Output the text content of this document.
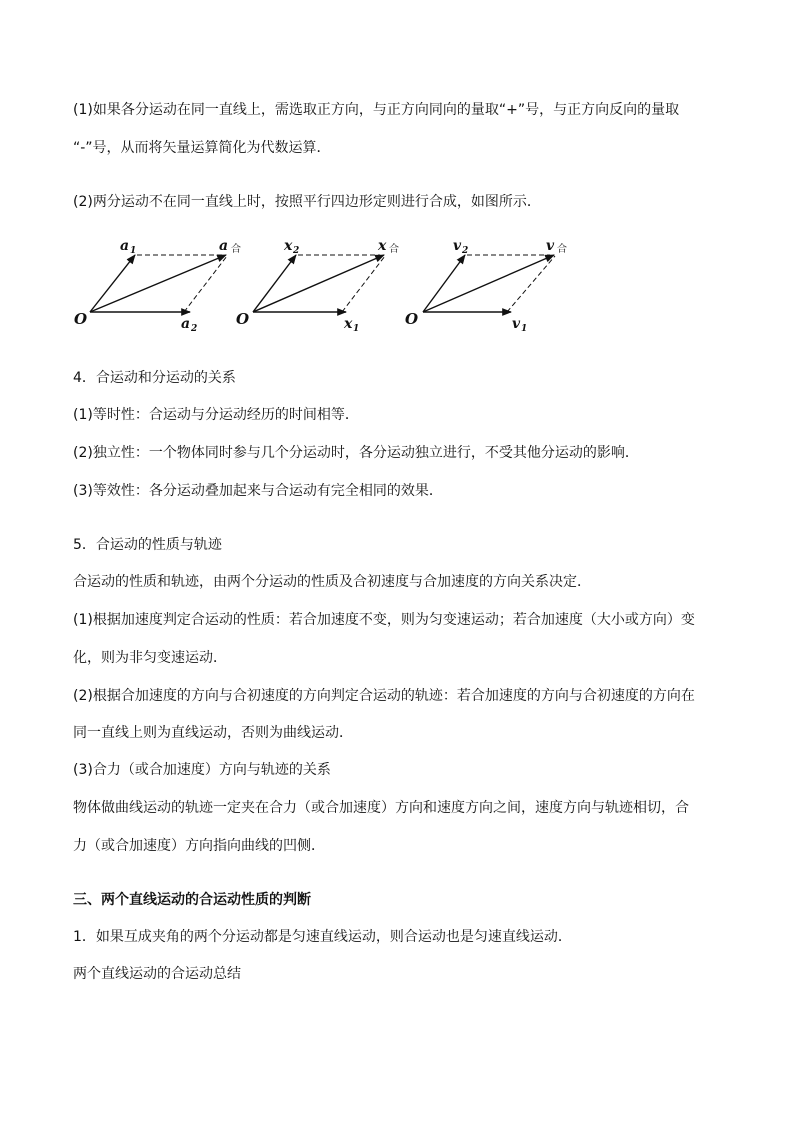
(1)如果各分运动在同一直线上，需选取正方向，与正方向同向的量取“+”号，与正方向反向的量取
“-”号，从而将矢量运算简化为代数运算．
(2)两分运动不在同一直线上时，按照平行四边形定则进行合成，如图所示．
O
a 1
a 2
a 合
O
x 2
x 1
x 合
O
v 2
v 1
v 合
4．合运动和分运动的关系
(1)等时性：合运动与分运动经历的时间相等．
(2)独立性：一个物体同时参与几个分运动时，各分运动独立进行，不受其他分运动的影响．
(3)等效性：各分运动叠加起来与合运动有完全相同的效果．
5．合运动的性质与轨迹
合运动的性质和轨迹，由两个分运动的性质及合初速度与合加速度的方向关系决定．
(1)根据加速度判定合运动的性质：若合加速度不变，则为匀变速运动；若合加速度（大小或方向）变
化，则为非匀变速运动．
(2)根据合加速度的方向与合初速度的方向判定合运动的轨迹：若合加速度的方向与合初速度的方向在
同一直线上则为直线运动，否则为曲线运动．
(3)合力（或合加速度）方向与轨迹的关系
物体做曲线运动的轨迹一定夹在合力（或合加速度）方向和速度方向之间，速度方向与轨迹相切，合
力（或合加速度）方向指向曲线的凹侧．
三、两个直线运动的合运动性质的判断
1．如果互成夹角的两个分运动都是匀速直线运动，则合运动也是匀速直线运动．
两个直线运动的合运动总结
